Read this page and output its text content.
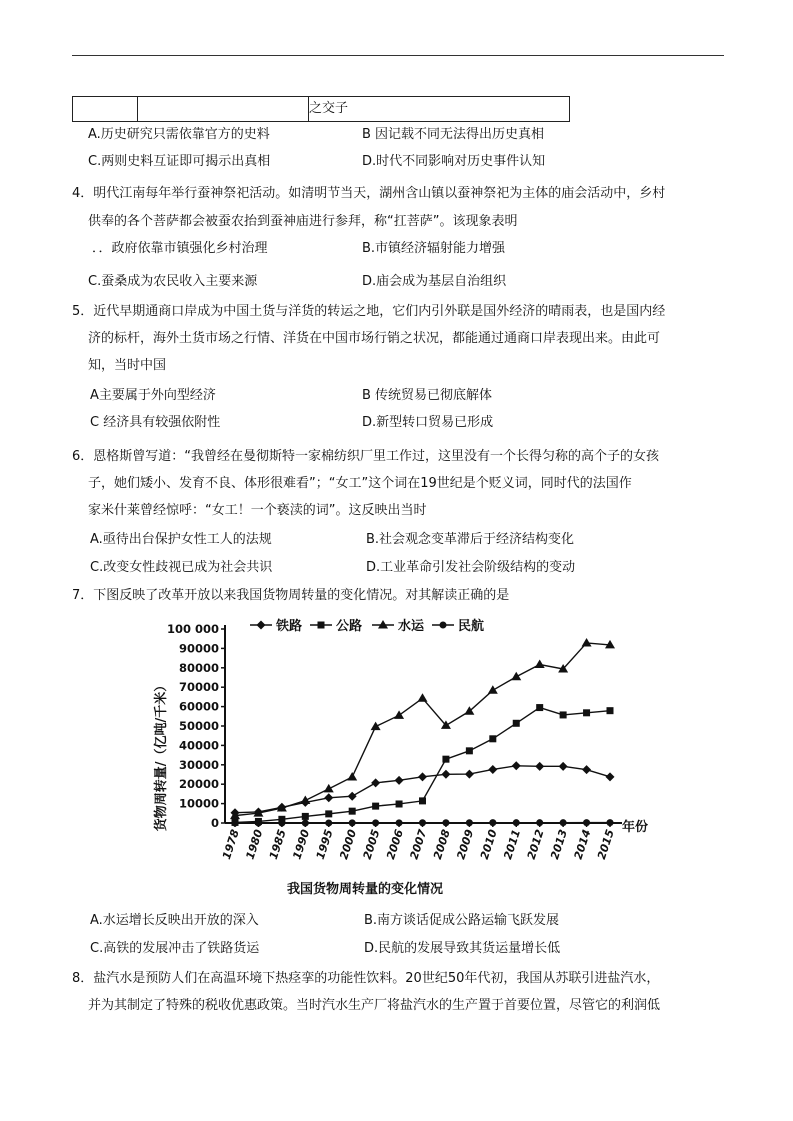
		之交子
A.历史研究只需依靠官方的史料	B 因记载不同无法得出历史真相
C.两则史料互证即可揭示出真相	D.时代不同影响对历史事件认知
4．明代江南每年举行蚕神祭祀活动。如清明节当天，湖州含山镇以蚕神祭祀为主体的庙会活动中，乡村
供奉的各个菩萨都会被蚕农抬到蚕神庙进行参拜，称“扛菩萨”。该现象表明
．．政府依靠市镇强化乡村治理	B.市镇经济辐射能力增强
C.蚕桑成为农民收入主要来源	D.庙会成为基层自治组织
5．近代早期通商口岸成为中国土货与洋货的转运之地，它们内引外联是国外经济的晴雨表，也是国内经
济的标杆，海外土货市场之行情、洋货在中国市场行销之状况，都能通过通商口岸表现出来。由此可
知，当时中国
A主要属于外向型经济	B 传统贸易已彻底解体
C 经济具有较强依附性	D.新型转口贸易已形成
6．恩格斯曾写道：“我曾经在曼彻斯特一家棉纺织厂里工作过，这里没有一个长得匀称的高个子的女孩
子，她们矮小、发育不良、体形很难看”；“女工”这个词在19世纪是个贬义词，同时代的法国作
家米什莱曾经惊呼：“女工！一个亵渎的词”。这反映出当时
A.亟待出台保护女性工人的法规	B.社会观念变革滞后于经济结构变化
C.改变女性歧视已成为社会共识	D.工业革命引发社会阶级结构的变动
7．下图反映了改革开放以来我国货物周转量的变化情况。对其解读正确的是
铁路	公路	水运	民航
货物周转量/（亿吨/千米）	0
10000
20000
30000
40000
50000
60000
70000
80000
90000
100 000
1978 1980 1985 1990 1995 2000 2005 2006 2007 2008 2009 2010 2011 2012 2013 2014 2015
年份
我国货物周转量的变化情况
A.水运增长反映出开放的深入	B.南方谈话促成公路运输飞跃发展
C.高铁的发展冲击了铁路货运	D.民航的发展导致其货运量增长低
8．盐汽水是预防人们在高温环境下热痉挛的功能性饮料。20世纪50年代初，我国从苏联引进盐汽水，
并为其制定了特殊的税收优惠政策。当时汽水生产厂将盐汽水的生产置于首要位置，尽管它的利润低
